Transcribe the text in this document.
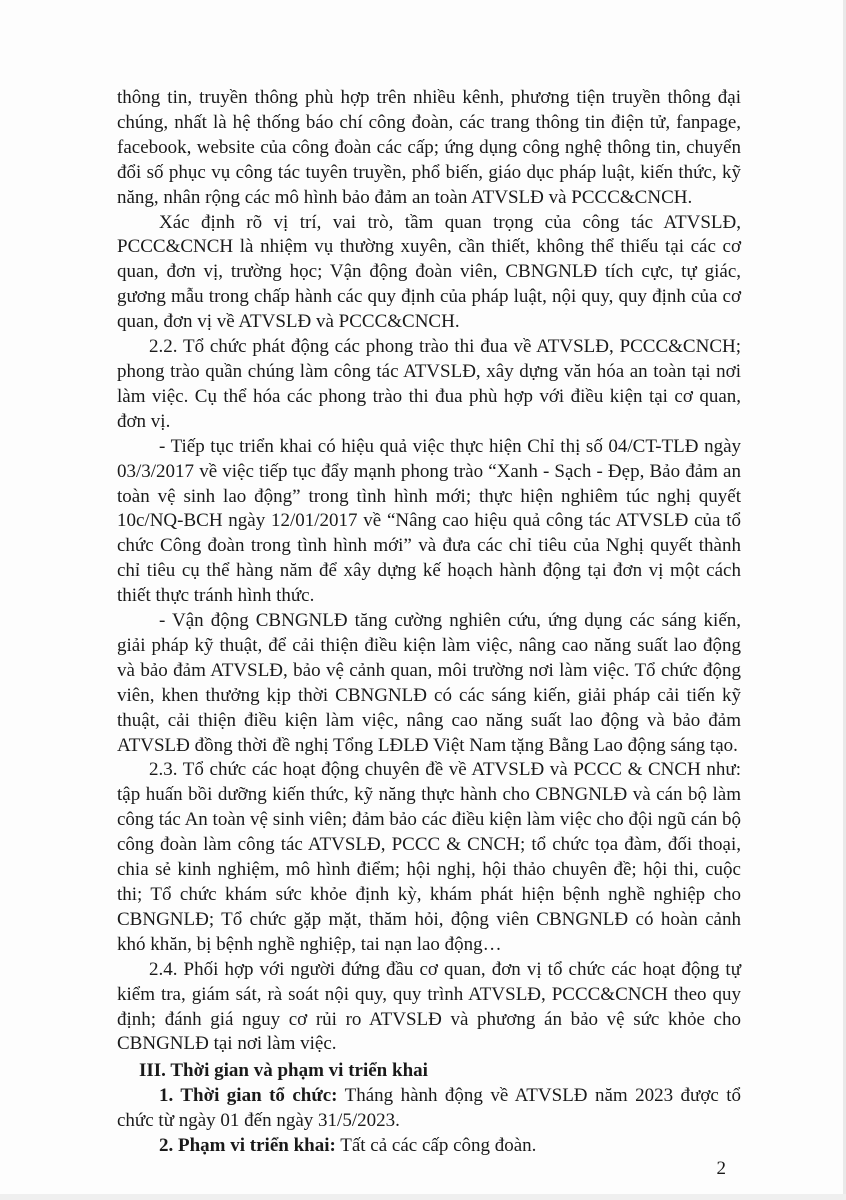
thông tin, truyền thông phù hợp trên nhiều kênh, phương tiện truyền thông đại chúng, nhất là hệ thống báo chí công đoàn, các trang thông tin điện tử, fanpage, facebook, website của công đoàn các cấp; ứng dụng công nghệ thông tin, chuyển đổi số phục vụ công tác tuyên truyền, phổ biến, giáo dục pháp luật, kiến thức, kỹ năng, nhân rộng các mô hình bảo đảm an toàn ATVSLĐ và PCCC&CNCH.

Xác định rõ vị trí, vai trò, tầm quan trọng của công tác ATVSLĐ, PCCC&CNCH là nhiệm vụ thường xuyên, cần thiết, không thể thiếu tại các cơ quan, đơn vị, trường học; Vận động đoàn viên, CBNGNLĐ tích cực, tự giác, gương mẫu trong chấp hành các quy định của pháp luật, nội quy, quy định của cơ quan, đơn vị về ATVSLĐ và PCCC&CNCH.

2.2. Tổ chức phát động các phong trào thi đua về ATVSLĐ, PCCC&CNCH; phong trào quần chúng làm công tác ATVSLĐ, xây dựng văn hóa an toàn tại nơi làm việc. Cụ thể hóa các phong trào thi đua phù hợp với điều kiện tại cơ quan, đơn vị.

- Tiếp tục triển khai có hiệu quả việc thực hiện Chỉ thị số 04/CT-TLĐ ngày 03/3/2017 về việc tiếp tục đẩy mạnh phong trào “Xanh - Sạch - Đẹp, Bảo đảm an toàn vệ sinh lao động” trong tình hình mới; thực hiện nghiêm túc nghị quyết 10c/NQ-BCH ngày 12/01/2017 về “Nâng cao hiệu quả công tác ATVSLĐ của tổ chức Công đoàn trong tình hình mới” và đưa các chỉ tiêu của Nghị quyết thành chỉ tiêu cụ thể hàng năm để xây dựng kế hoạch hành động tại đơn vị một cách thiết thực tránh hình thức.

- Vận động CBNGNLĐ tăng cường nghiên cứu, ứng dụng các sáng kiến, giải pháp kỹ thuật, để cải thiện điều kiện làm việc, nâng cao năng suất lao động và bảo đảm ATVSLĐ, bảo vệ cảnh quan, môi trường nơi làm việc. Tổ chức động viên, khen thưởng kịp thời CBNGNLĐ có các sáng kiến, giải pháp cải tiến kỹ thuật, cải thiện điều kiện làm việc, nâng cao năng suất lao động và bảo đảm ATVSLĐ đồng thời đề nghị Tổng LĐLĐ Việt Nam tặng Bằng Lao động sáng tạo.

2.3. Tổ chức các hoạt động chuyên đề về ATVSLĐ và PCCC & CNCH như: tập huấn bồi dưỡng kiến thức, kỹ năng thực hành cho CBNGNLĐ và cán bộ làm công tác An toàn vệ sinh viên; đảm bảo các điều kiện làm việc cho đội ngũ cán bộ công đoàn làm công tác ATVSLĐ, PCCC & CNCH; tổ chức tọa đàm, đối thoại, chia sẻ kinh nghiệm, mô hình điểm; hội nghị, hội thảo chuyên đề; hội thi, cuộc thi; Tổ chức khám sức khỏe định kỳ, khám phát hiện bệnh nghề nghiệp cho CBNGNLĐ; Tổ chức gặp mặt, thăm hỏi, động viên CBNGNLĐ có hoàn cảnh khó khăn, bị bệnh nghề nghiệp, tai nạn lao động…

2.4. Phối hợp với người đứng đầu cơ quan, đơn vị tổ chức các hoạt động tự kiểm tra, giám sát, rà soát nội quy, quy trình ATVSLĐ, PCCC&CNCH theo quy định; đánh giá nguy cơ rủi ro ATVSLĐ và phương án bảo vệ sức khỏe cho CBNGNLĐ tại nơi làm việc.

III. Thời gian và phạm vi triển khai

1. Thời gian tổ chức: Tháng hành động về ATVSLĐ năm 2023 được tổ chức từ ngày 01 đến ngày 31/5/2023.

2. Phạm vi triển khai: Tất cả các cấp công đoàn.

2
